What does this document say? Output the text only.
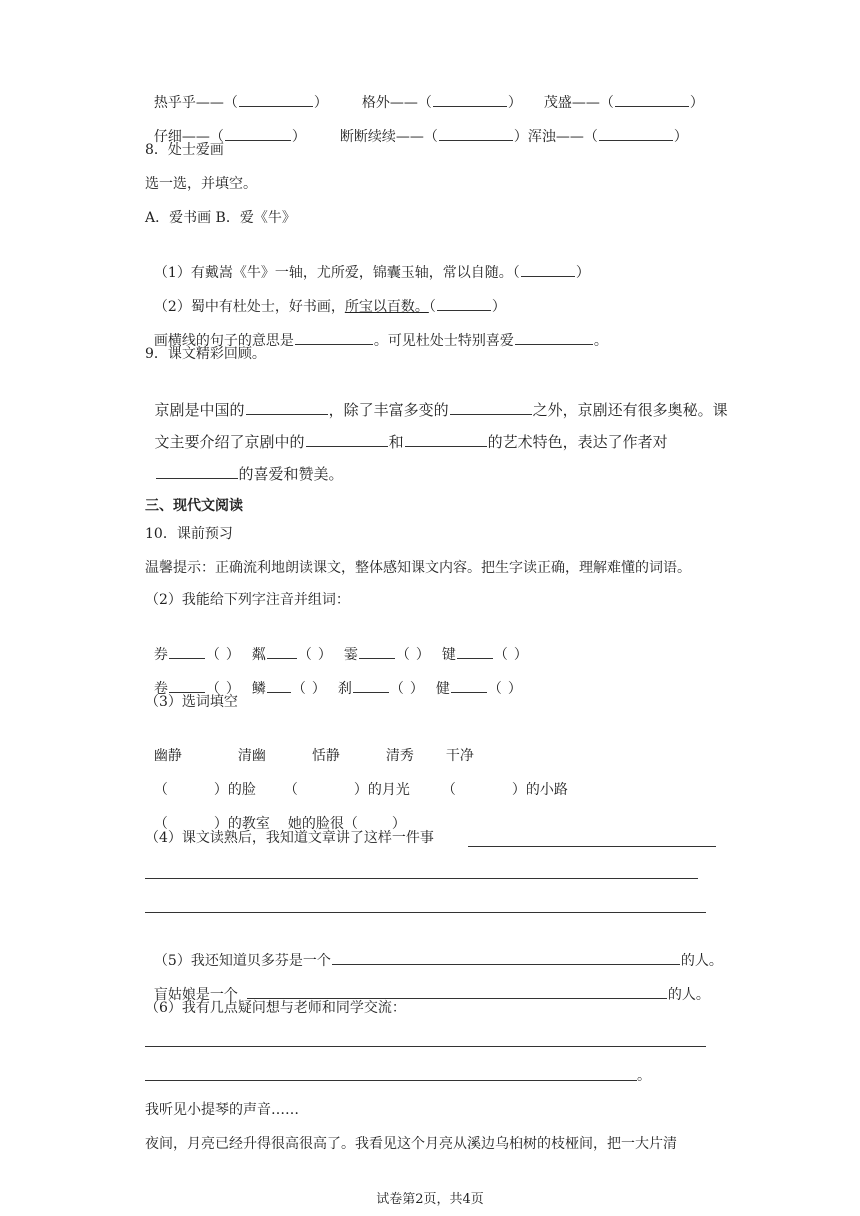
热乎乎——（	） 格外——（	） 茂盛——（	）

仔细——（	） 断断续续——（	）浑浊——（	）

8．处士爱画
选一选，并填空。
A．爱书画 B．爱《牛》

（1）有戴嵩《牛》一轴，尤所爱，锦囊玉轴，常以自随。（	）

（2）蜀中有杜处士，好书画，所宝以百数。（	）

画横线的句子的意思是	。可见杜处士特别喜爱	。

9．课文精彩回顾。

京剧是中国的	，除了丰富多变的	之外，京剧还有很多奥秘。课

文主要介绍了京剧中的	和	的艺术特色，表达了作者对

的喜爱和赞美。

三、现代文阅读
10．课前预习
温馨提示：正确流利地朗读课文，整体感知课文内容。把生字读正确，理解难懂的词语。
（2）我能给下列字注音并组词：

券	（ ） 粼 （ ） 霎	（ ） 键	（ ）

卷	（ ） 鳞 （ ） 刹	（ ） 健	（ ）

（3）选词填空

幽静	清幽	恬静	清秀 干净

（	）的脸 （	）的月光 （	）的小路

（	）的教室 她的脸很（ ）

（4）课文读熟后，我知道文章讲了这样一件事

（5）我还知道贝多芬是一个	的人。

盲姑娘是一个	的人。

（6）我有几点疑问想与老师和同学交流：
。
我听见小提琴的声音……
夜间，月亮已经升得很高很高了。我看见这个月亮从溪边乌桕树的枝桠间，把一大片清
试卷第2页，共4页
